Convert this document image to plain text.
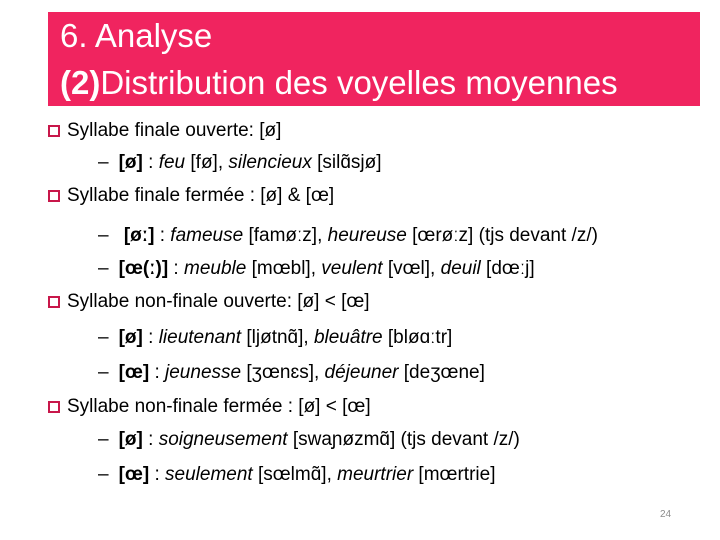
6. Analyse
(2)Distribution des voyelles moyennes
Syllabe finale ouverte: [ø]
– [ø] : feu [fø], silencieux [silɑ̃sjø]
Syllabe finale fermée : [ø] & [œ]
– [øː] : fameuse [famøːz], heureuse [œrøːz] (tjs devant /z/)
– [œ(ː)] : meuble [mœbl], veulent [vœl], deuil [dœːj]
Syllabe non-finale ouverte: [ø] < [œ]
– [ø] : lieutenant [ljøtnɑ̃], bleuâtre [bløɑːtr]
– [œ] : jeunesse [ʒœnɛs], déjeuner [deʒœne]
Syllabe non-finale fermée : [ø] < [œ]
– [ø] : soigneusement [swaɲøzmɑ̃] (tjs devant /z/)
– [œ] : seulement [sœlmɑ̃], meurtrier [mœrtrie]
24
